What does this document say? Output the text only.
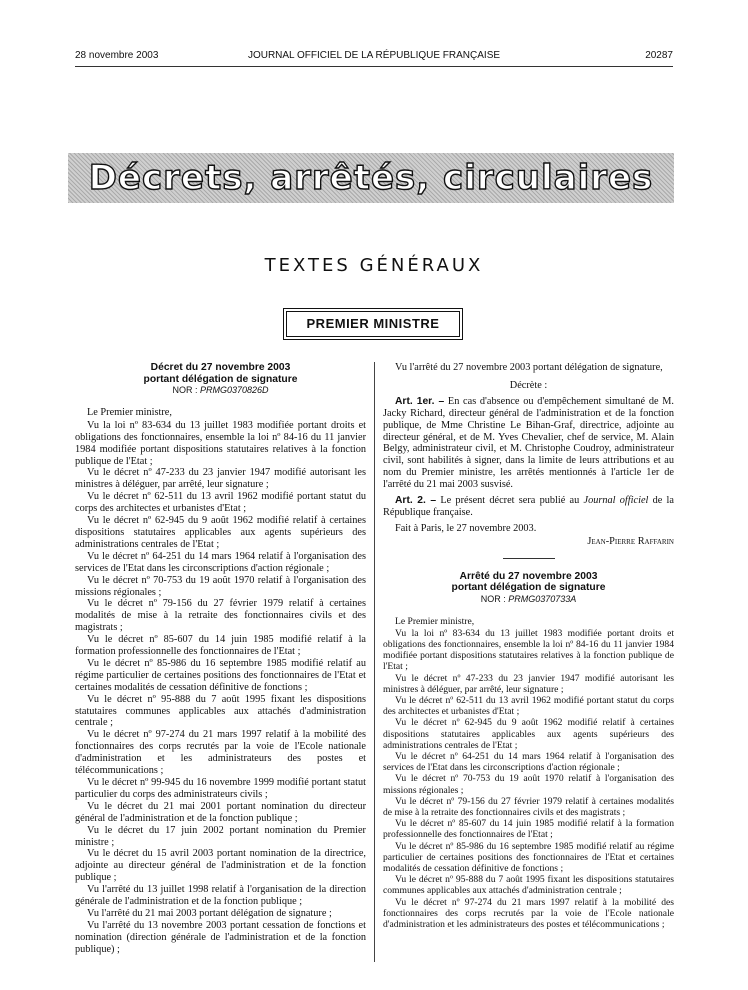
28 novembre 2003	JOURNAL OFFICIEL DE LA RÉPUBLIQUE FRANÇAISE	20287
Décrets, arrêtés, circulaires
TEXTES GÉNÉRAUX
PREMIER MINISTRE

Décret du 27 novembre 2003

portant délégation de signature

NOR : PRMG0370826D

Le Premier ministre,

Vu la loi nº 83-634 du 13 juillet 1983 modifiée portant droits et obligations des fonctionnaires, ensemble la loi nº 84-16 du 11 janvier 1984 modifiée portant dispositions statutaires relatives à la fonction publique de l'Etat ;

Vu le décret nº 47-233 du 23 janvier 1947 modifié autorisant les ministres à déléguer, par arrêté, leur signature ;

Vu le décret nº 62-511 du 13 avril 1962 modifié portant statut du corps des architectes et urbanistes d'Etat ;

Vu le décret nº 62-945 du 9 août 1962 modifié relatif à certaines dispositions statutaires applicables aux agents supérieurs des administrations centrales de l'Etat ;

Vu le décret nº 64-251 du 14 mars 1964 relatif à l'organisation des services de l'Etat dans les circonscriptions d'action régionale ;

Vu le décret nº 70-753 du 19 août 1970 relatif à l'organisation des missions régionales ;

Vu le décret nº 79-156 du 27 février 1979 relatif à certaines modalités de mise à la retraite des fonctionnaires civils et des magistrats ;

Vu le décret nº 85-607 du 14 juin 1985 modifié relatif à la formation professionnelle des fonctionnaires de l'Etat ;

Vu le décret nº 85-986 du 16 septembre 1985 modifié relatif au régime particulier de certaines positions des fonctionnaires de l'Etat et certaines modalités de cessation définitive de fonctions ;

Vu le décret nº 95-888 du 7 août 1995 fixant les dispositions statutaires communes applicables aux attachés d'administration centrale ;

Vu le décret nº 97-274 du 21 mars 1997 relatif à la mobilité des fonctionnaires des corps recrutés par la voie de l'Ecole nationale d'administration et les administrateurs des postes et télécommunications ;

Vu le décret nº 99-945 du 16 novembre 1999 modifié portant statut particulier du corps des administrateurs civils ;

Vu le décret du 21 mai 2001 portant nomination du directeur général de l'administration et de la fonction publique ;

Vu le décret du 17 juin 2002 portant nomination du Premier ministre ;

Vu le décret du 15 avril 2003 portant nomination de la directrice, adjointe au directeur général de l'administration et de la fonction publique ;

Vu l'arrêté du 13 juillet 1998 relatif à l'organisation de la direction générale de l'administration et de la fonction publique ;

Vu l'arrêté du 21 mai 2003 portant délégation de signature ;

Vu l'arrêté du 13 novembre 2003 portant cessation de fonctions et nomination (direction générale de l'administration et de la fonction publique) ;

Vu l'arrêté du 27 novembre 2003 portant délégation de signature,

Décrète :

Art. 1er. – En cas d'absence ou d'empêchement simultané de M. Jacky Richard, directeur général de l'administration et de la fonction publique, de Mme Christine Le Bihan-Graf, directrice, adjointe au directeur général, et de M. Yves Chevalier, chef de service, M. Alain Belgy, administrateur civil, et M. Christophe Coudroy, administrateur civil, sont habilités à signer, dans la limite de leurs attributions et au nom du Premier ministre, les arrêtés mentionnés à l'article 1er de l'arrêté du 21 mai 2003 susvisé.

Art. 2. – Le présent décret sera publié au Journal officiel de la République française.

Fait à Paris, le 27 novembre 2003.

Jean-Pierre Raffarin

Arrêté du 27 novembre 2003

portant délégation de signature

NOR : PRMG0370733A

Le Premier ministre,

Vu la loi nº 83-634 du 13 juillet 1983 modifiée portant droits et obligations des fonctionnaires, ensemble la loi nº 84-16 du 11 janvier 1984 modifiée portant dispositions statutaires relatives à la fonction publique de l'Etat ;

Vu le décret nº 47-233 du 23 janvier 1947 modifié autorisant les ministres à déléguer, par arrêté, leur signature ;

Vu le décret nº 62-511 du 13 avril 1962 modifié portant statut du corps des architectes et urbanistes d'Etat ;

Vu le décret nº 62-945 du 9 août 1962 modifié relatif à certaines dispositions statutaires applicables aux agents supérieurs des administrations centrales de l'Etat ;

Vu le décret nº 64-251 du 14 mars 1964 relatif à l'organisation des services de l'Etat dans les circonscriptions d'action régionale ;

Vu le décret nº 70-753 du 19 août 1970 relatif à l'organisation des missions régionales ;

Vu le décret nº 79-156 du 27 février 1979 relatif à certaines modalités de mise à la retraite des fonctionnaires civils et des magistrats ;

Vu le décret nº 85-607 du 14 juin 1985 modifié relatif à la formation professionnelle des fonctionnaires de l'Etat ;

Vu le décret nº 85-986 du 16 septembre 1985 modifié relatif au régime particulier de certaines positions des fonctionnaires de l'Etat et certaines modalités de cessation définitive de fonctions ;

Vu le décret nº 95-888 du 7 août 1995 fixant les dispositions statutaires communes applicables aux attachés d'administration centrale ;

Vu le décret nº 97-274 du 21 mars 1997 relatif à la mobilité des fonctionnaires des corps recrutés par la voie de l'Ecole nationale d'administration et les administrateurs des postes et télécommunications ;
